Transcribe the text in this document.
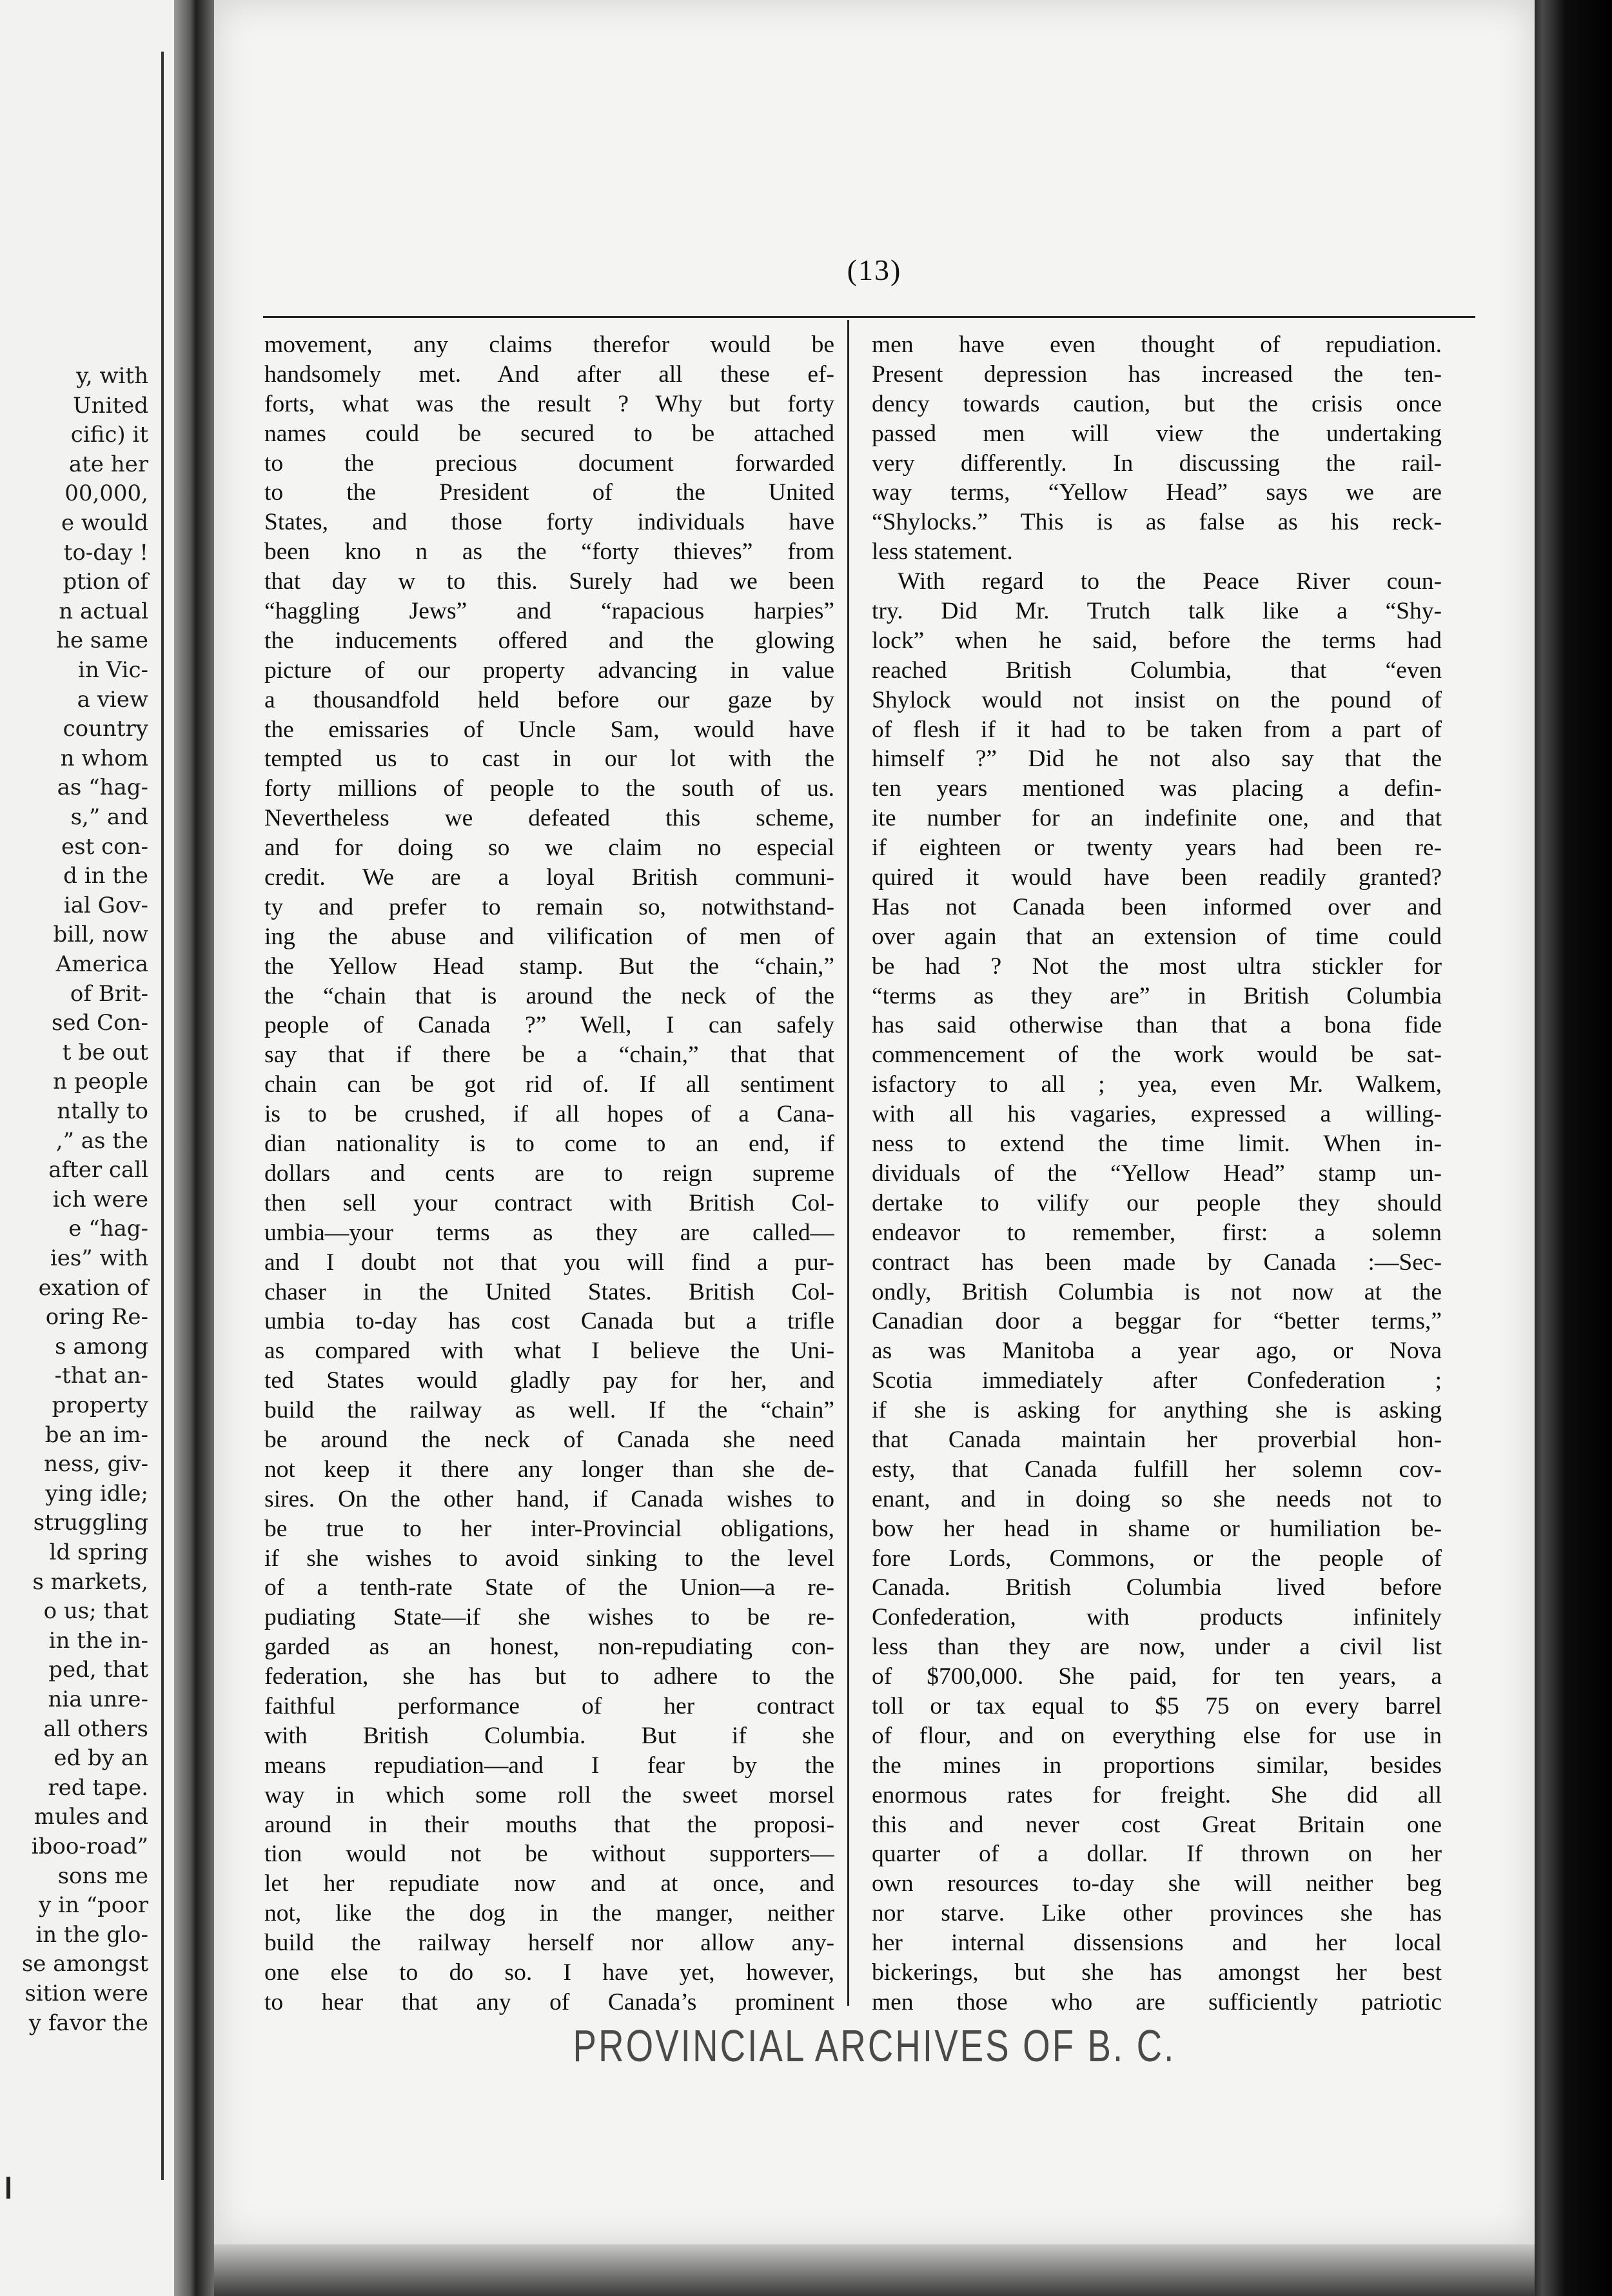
y, with
United
cific) it
ate her
00,000,
e would
to-day !
ption of
n actual
he same
in Vic-
a view
country
n whom
as “hag-
s,” and
est con-
d in the
ial Gov-
bill, now
America
of Brit-
sed Con-
t be out
n people
ntally to
,” as the
after call
ich were
e “hag-
ies” with
exation of
oring Re-
s among
-that an-
property
be an im-
ness, giv-
ying idle;
struggling
ld spring
s markets,
o us; that
in the in-
ped, that
nia unre-
all others
ed by an
red tape.
mules and
iboo-road”
sons me
y in “poor
in the glo-
se amongst
sition were
y favor the
(13)
movement, any claims therefor would be
handsomely met. And after all these ef-
forts, what was the result ? Why but forty
names could be secured to be attached
to the precious document forwarded
to the President of the United
States, and those forty individuals have
been kno n as the “forty thieves” from
that day w to this. Surely had we been
“haggling Jews” and “rapacious harpies”
the inducements offered and the glowing
picture of our property advancing in value
a thousandfold held before our gaze by
the emissaries of Uncle Sam, would have
tempted us to cast in our lot with the
forty millions of people to the south of us.
Nevertheless we defeated this scheme,
and for doing so we claim no especial
credit. We are a loyal British communi-
ty and prefer to remain so, notwithstand-
ing the abuse and vilification of men of
the Yellow Head stamp. But the “chain,”
the “chain that is around the neck of the
people of Canada ?” Well, I can safely
say that if there be a “chain,” that that
chain can be got rid of. If all sentiment
is to be crushed, if all hopes of a Cana-
dian nationality is to come to an end, if
dollars and cents are to reign supreme
then sell your contract with British Col-
umbia—your terms as they are called—
and I doubt not that you will find a pur-
chaser in the United States. British Col-
umbia to-day has cost Canada but a trifle
as compared with what I believe the Uni-
ted States would gladly pay for her, and
build the railway as well. If the “chain”
be around the neck of Canada she need
not keep it there any longer than she de-
sires. On the other hand, if Canada wishes to
be true to her inter-Provincial obligations,
if she wishes to avoid sinking to the level
of a tenth-rate State of the Union—a re-
pudiating State—if she wishes to be re-
garded as an honest, non-repudiating con-
federation, she has but to adhere to the
faithful performance of her contract
with British Columbia. But if she
means repudiation—and I fear by the
way in which some roll the sweet morsel
around in their mouths that the proposi-
tion would not be without supporters—
let her repudiate now and at once, and
not, like the dog in the manger, neither
build the railway herself nor allow any-
one else to do so. I have yet, however,
to hear that any of Canada’s prominent
men have even thought of repudiation.
Present depression has increased the ten-
dency towards caution, but the crisis once
passed men will view the undertaking
very differently. In discussing the rail-
way terms, “Yellow Head” says we are
“Shylocks.” This is as false as his reck-
less statement.
With regard to the Peace River coun-
try. Did Mr. Trutch talk like a “Shy-
lock” when he said, before the terms had
reached British Columbia, that “even
Shylock would not insist on the pound of
of flesh if it had to be taken from a part of
himself ?” Did he not also say that the
ten years mentioned was placing a defin-
ite number for an indefinite one, and that
if eighteen or twenty years had been re-
quired it would have been readily granted?
Has not Canada been informed over and
over again that an extension of time could
be had ? Not the most ultra stickler for
“terms as they are” in British Columbia
has said otherwise than that a bona fide
commencement of the work would be sat-
isfactory to all ; yea, even Mr. Walkem,
with all his vagaries, expressed a willing-
ness to extend the time limit. When in-
dividuals of the “Yellow Head” stamp un-
dertake to vilify our people they should
endeavor to remember, first: a solemn
contract has been made by Canada :—Sec-
ondly, British Columbia is not now at the
Canadian door a beggar for “better terms,”
as was Manitoba a year ago, or Nova
Scotia immediately after Confederation ;
if she is asking for anything she is asking
that Canada maintain her proverbial hon-
esty, that Canada fulfill her solemn cov-
enant, and in doing so she needs not to
bow her head in shame or humiliation be-
fore Lords, Commons, or the people of
Canada. British Columbia lived before
Confederation, with products infinitely
less than they are now, under a civil list
of $700,000. She paid, for ten years, a
toll or tax equal to $5 75 on every barrel
of flour, and on everything else for use in
the mines in proportions similar, besides
enormous rates for freight. She did all
this and never cost Great Britain one
quarter of a dollar. If thrown on her
own resources to-day she will neither beg
nor starve. Like other provinces she has
her internal dissensions and her local
bickerings, but she has amongst her best
men those who are sufficiently patriotic
PROVINCIAL ARCHIVES OF B. C.
